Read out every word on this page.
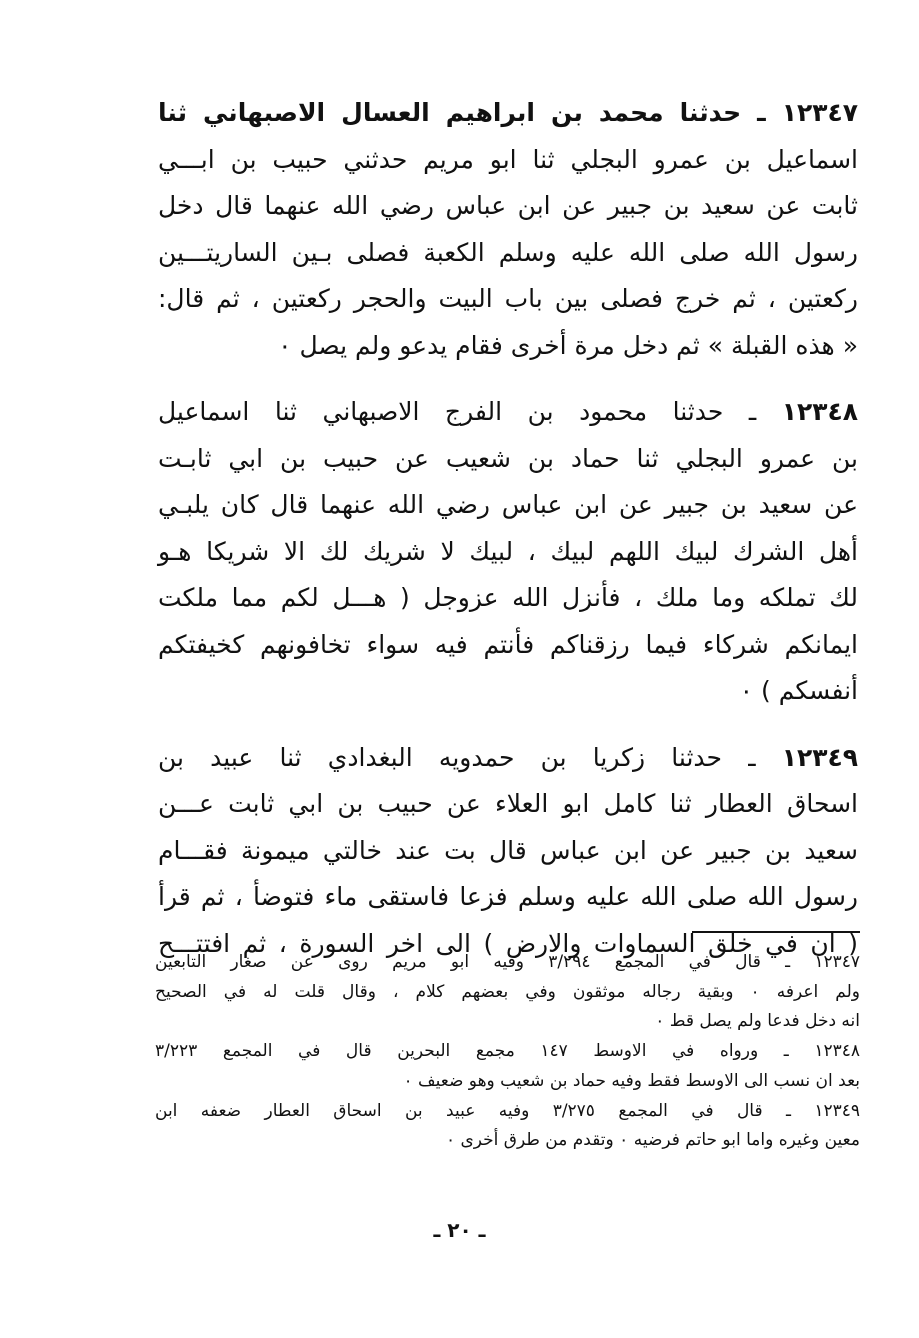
١٢٣٤٧ ـ حدثنا محمد بن ابراهيم العسال الاصبهاني ثنا
اسماعيل بن عمرو البجلي ثنا ابو مريم حدثني حبيب بن ابـــي
ثابت عن سعيد بن جبير عن ابن عباس رضي الله عنهما قال دخل
رسول الله صلى الله عليه وسلم الكعبة فصلى بـين الساريتـــين
ركعتين ، ثم خرج فصلى بين باب البيت والحجر ركعتين ، ثم قال:
« هذه القبلة » ثم دخل مرة أخرى فقام يدعو ولم يصل ٠
١٢٣٤٨ ـ حدثنا محمود بن الفرج الاصبهاني ثنا اسماعيل
بن عمرو البجلي ثنا حماد بن شعيب عن حبيب بن ابي ثابـت
عن سعيد بن جبير عن ابن عباس رضي الله عنهما قال كان يلبـي
أهل الشرك لبيك اللهم لبيك ، لبيك لا شريك لك الا شريكا هـو
لك تملكه وما ملك ، فأنزل الله عزوجل ( هـــل لكم مما ملكت
ايمانكم شركاء فيما رزقناكم فأنتم فيه سواء تخافونهم كخيفتكم
أنفسكم ) ٠
١٢٣٤٩ ـ حدثنا زكريا بن حمدويه البغدادي ثنا عبيد بن
اسحاق العطار ثنا كامل ابو العلاء عن حبيب بن ابي ثابت عـــن
سعيد بن جبير عن ابن عباس قال بت عند خالتي ميمونة فقـــام
رسول الله صلى الله عليه وسلم فزعا فاستقى ماء فتوضأ ، ثم قرأ
( ان في خلق السماوات والارض ) الى اخر السورة ، ثم افتتـــح
١٢٣٤٧ ـ قال في المجمع ٣/٢٩٤ وفيه ابو مريم روى عن صغار التابعين
ولم اعرفه ٠ وبقية رجاله موثقون وفي بعضهم كلام ، وقال قلت له في الصحيح
انه دخل فدعا ولم يصل قط ٠
١٢٣٤٨ ـ ورواه في الاوسط ١٤٧ مجمع البحرين قال في المجمع ٣/٢٢٣
بعد ان نسب الى الاوسط فقط وفيه حماد بن شعيب وهو ضعيف ٠
١٢٣٤٩ ـ قال في المجمع ٣/٢٧٥ وفيه عبيد بن اسحاق العطار ضعفه ابن
معين وغيره واما ابو حاتم فرضيه ٠ وتقدم من طرق أخرى ٠
ـ ٢٠ ـ
